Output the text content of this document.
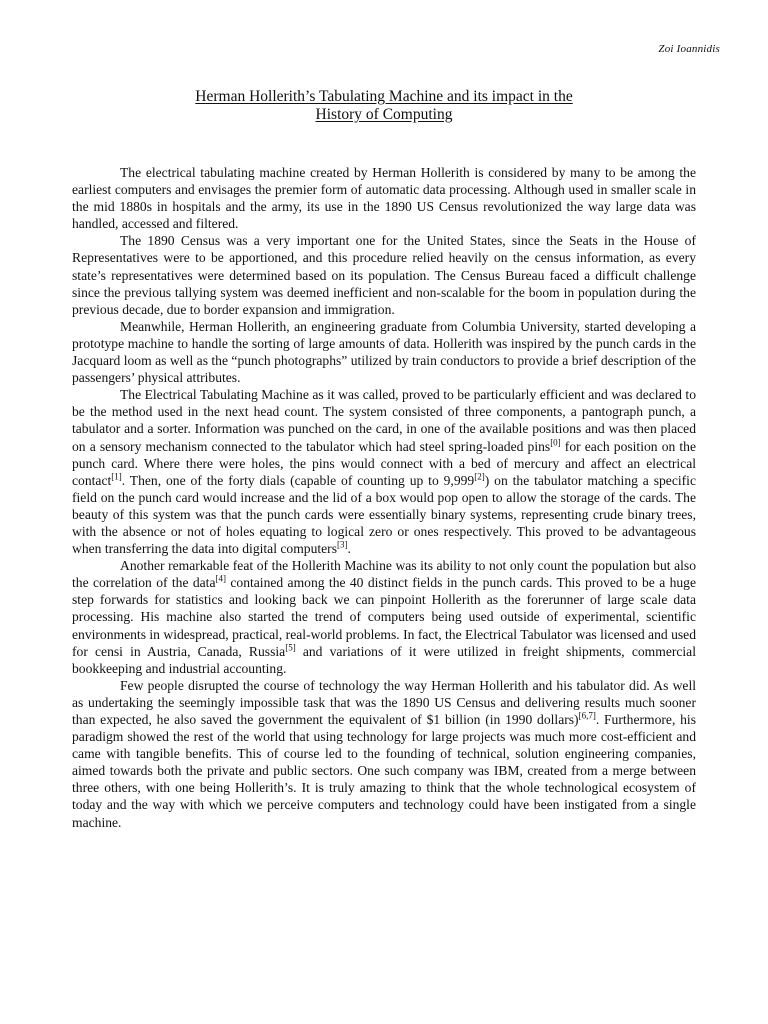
Zoi Ioannidis
Herman Hollerith’s Tabulating Machine and its impact in the
History of Computing

The electrical tabulating machine created by Herman Hollerith is considered by many to be among the earliest computers and envisages the premier form of automatic data processing. Although used in smaller scale in the mid 1880s in hospitals and the army, its use in the 1890 US Census revolutionized the way large data was handled, accessed and filtered.

The 1890 Census was a very important one for the United States, since the Seats in the House of Representatives were to be apportioned, and this procedure relied heavily on the census information, as every state’s representatives were determined based on its population. The Census Bureau faced a difficult challenge since the previous tallying system was deemed inefficient and non-scalable for the boom in population during the previous decade, due to border expansion and immigration.

Meanwhile, Herman Hollerith, an engineering graduate from Columbia University, started developing a prototype machine to handle the sorting of large amounts of data. Hollerith was inspired by the punch cards in the Jacquard loom as well as the “punch photographs” utilized by train conductors to provide a brief description of the passengers’ physical attributes.

The Electrical Tabulating Machine as it was called, proved to be particularly efficient and was declared to be the method used in the next head count. The system consisted of three components, a pantograph punch, a tabulator and a sorter. Information was punched on the card, in one of the available positions and was then placed on a sensory mechanism connected to the tabulator which had steel spring-loaded pins[0] for each position on the punch card. Where there were holes, the pins would connect with a bed of mercury and affect an electrical contact[1]. Then, one of the forty dials (capable of counting up to 9,999[2]) on the tabulator matching a specific field on the punch card would increase and the lid of a box would pop open to allow the storage of the cards. The beauty of this system was that the punch cards were essentially binary systems, representing crude binary trees, with the absence or not of holes equating to logical zero or ones respectively. This proved to be advantageous when transferring the data into digital computers[3].

Another remarkable feat of the Hollerith Machine was its ability to not only count the population but also the correlation of the data[4] contained among the 40 distinct fields in the punch cards. This proved to be a huge step forwards for statistics and looking back we can pinpoint Hollerith as the forerunner of large scale data processing. His machine also started the trend of computers being used outside of experimental, scientific environments in widespread, practical, real-world problems. In fact, the Electrical Tabulator was licensed and used for censi in Austria, Canada, Russia[5] and variations of it were utilized in freight shipments, commercial bookkeeping and industrial accounting.

Few people disrupted the course of technology the way Herman Hollerith and his tabulator did. As well as undertaking the seemingly impossible task that was the 1890 US Census and delivering results much sooner than expected, he also saved the government the equivalent of $1 billion (in 1990 dollars)[6,7]. Furthermore, his paradigm showed the rest of the world that using technology for large projects was much more cost-efficient and came with tangible benefits. This of course led to the founding of technical, solution engineering companies, aimed towards both the private and public sectors. One such company was IBM, created from a merge between three others, with one being Hollerith’s. It is truly amazing to think that the whole technological ecosystem of today and the way with which we perceive computers and technology could have been instigated from a single machine.
